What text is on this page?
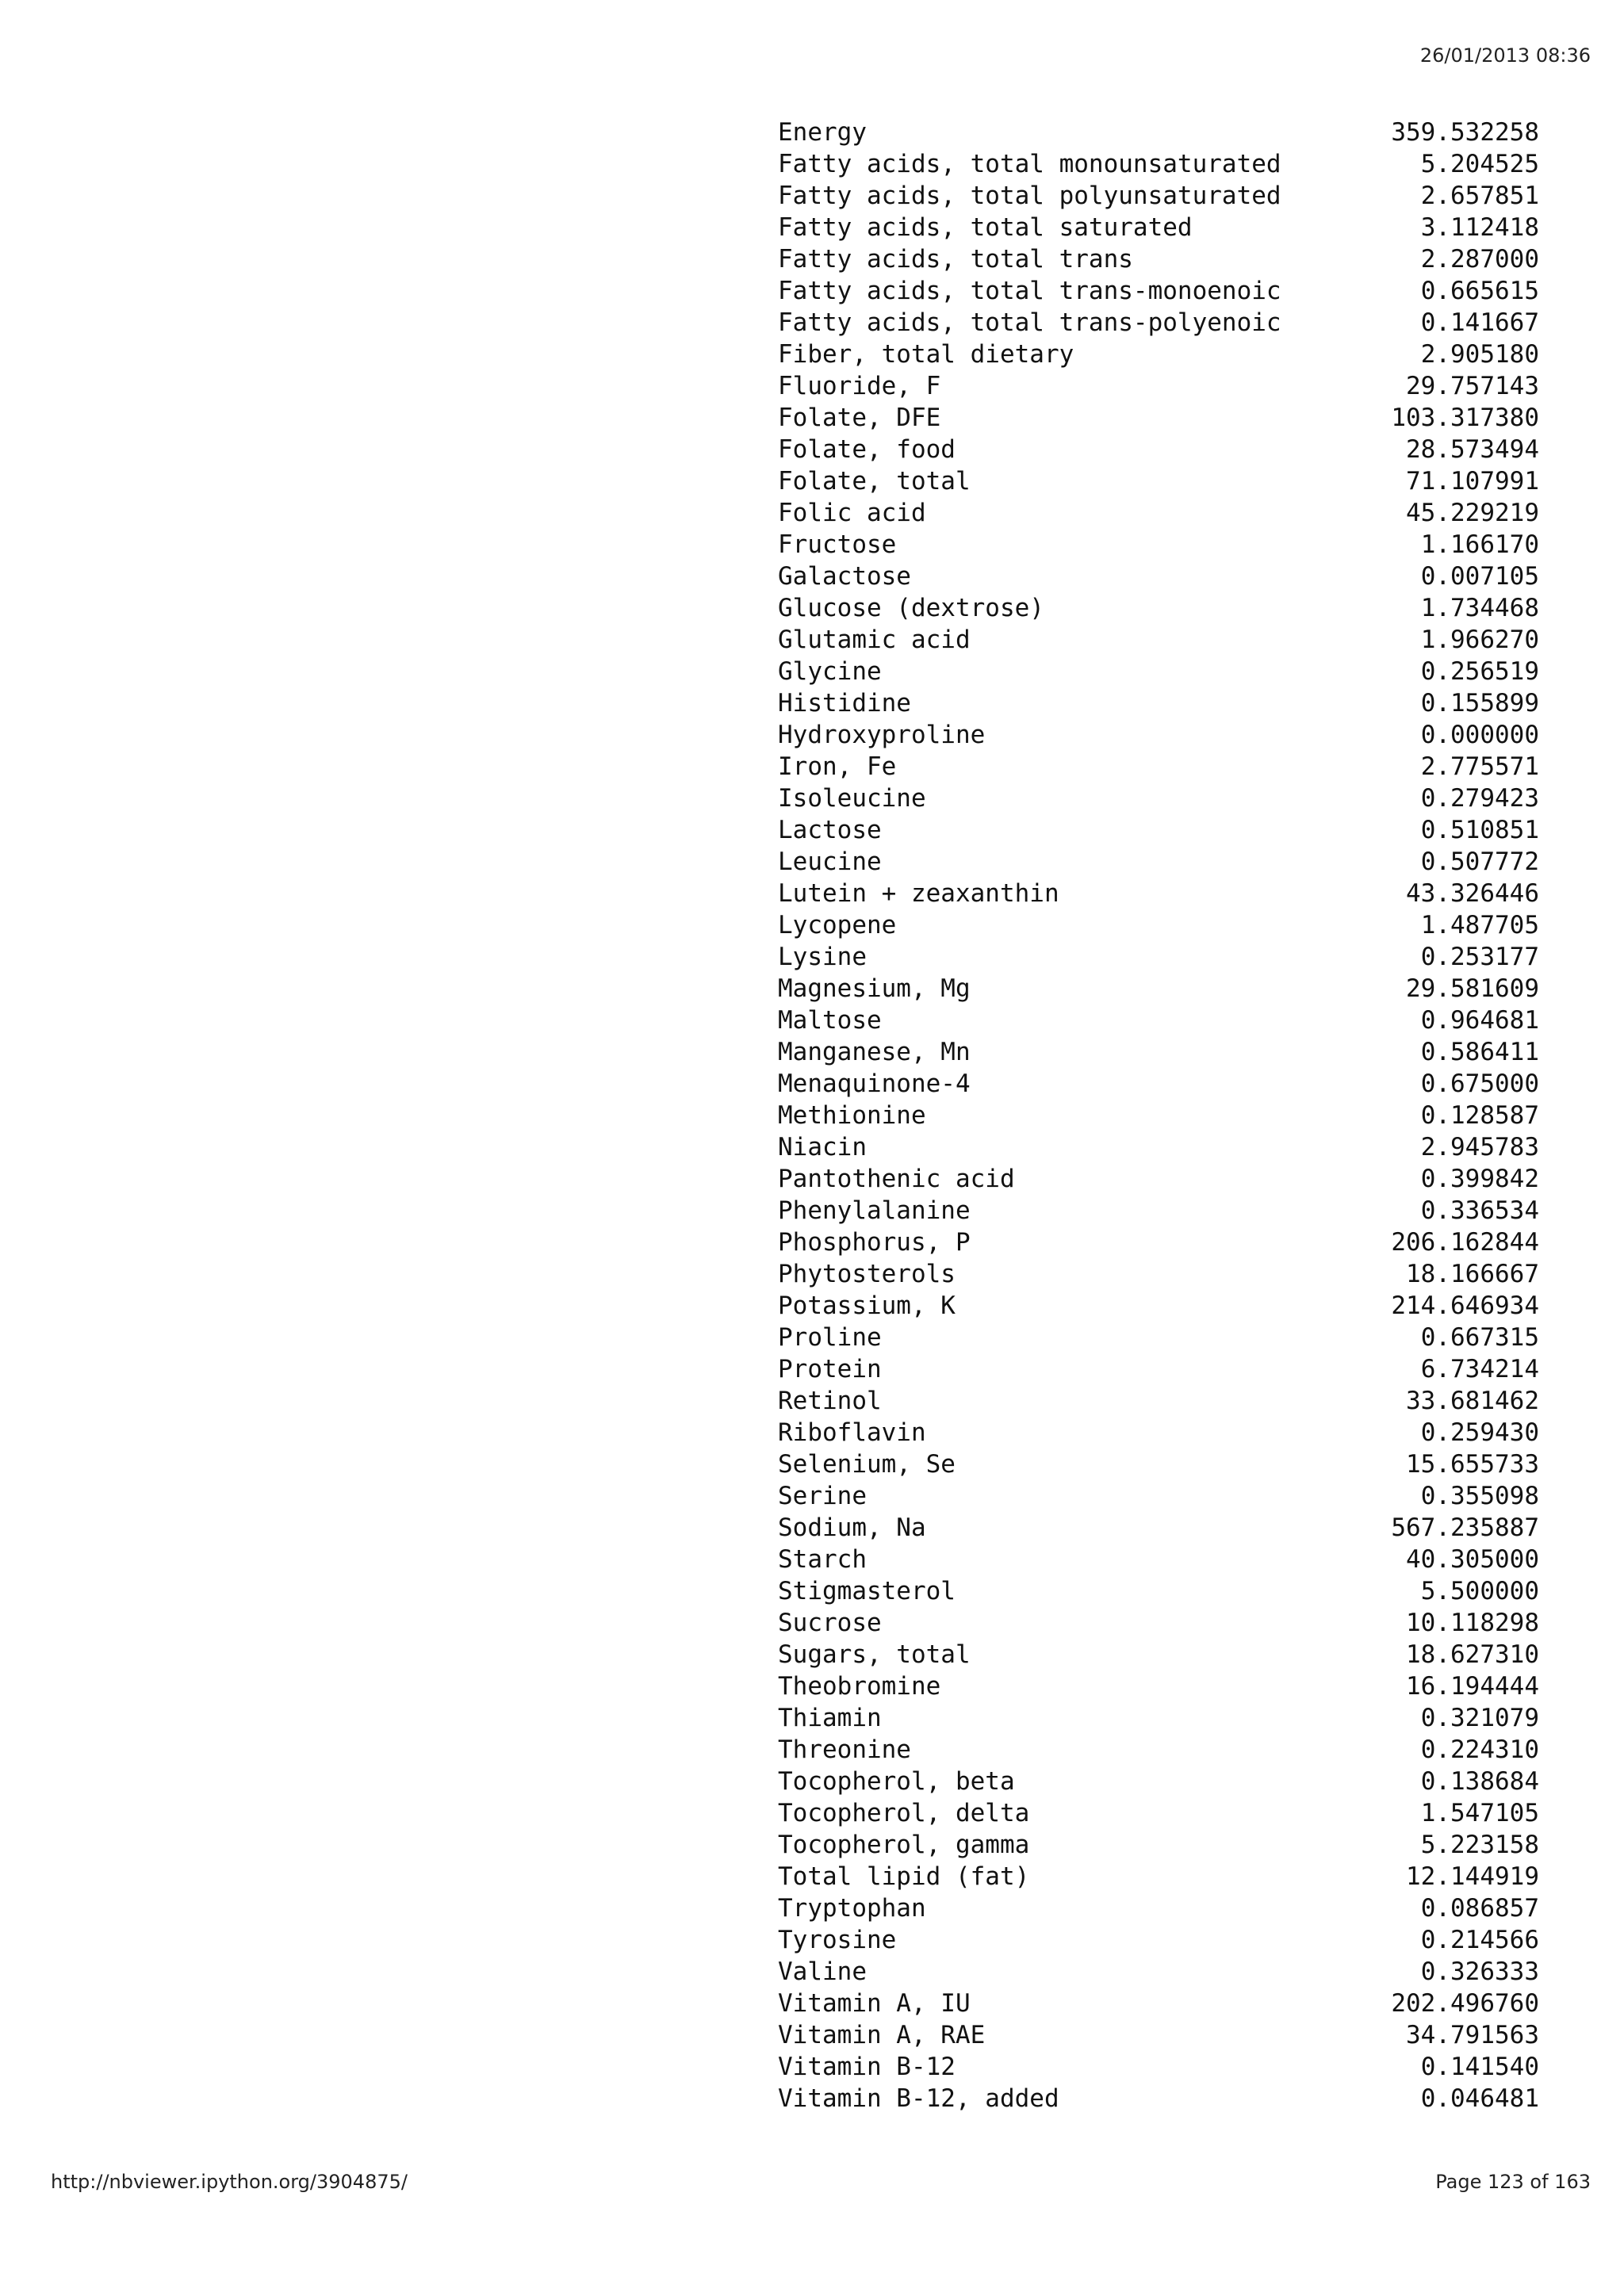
26/01/2013 08:36
Energy	359.532258
Fatty acids, total monounsaturated	5.204525
Fatty acids, total polyunsaturated	2.657851
Fatty acids, total saturated	3.112418
Fatty acids, total trans	2.287000
Fatty acids, total trans-monoenoic	0.665615
Fatty acids, total trans-polyenoic	0.141667
Fiber, total dietary	2.905180
Fluoride, F	29.757143
Folate, DFE	103.317380
Folate, food	28.573494
Folate, total	71.107991
Folic acid	45.229219
Fructose	1.166170
Galactose	0.007105
Glucose (dextrose)	1.734468
Glutamic acid	1.966270
Glycine	0.256519
Histidine	0.155899
Hydroxyproline	0.000000
Iron, Fe	2.775571
Isoleucine	0.279423
Lactose	0.510851
Leucine	0.507772
Lutein + zeaxanthin	43.326446
Lycopene	1.487705
Lysine	0.253177
Magnesium, Mg	29.581609
Maltose	0.964681
Manganese, Mn	0.586411
Menaquinone-4	0.675000
Methionine	0.128587
Niacin	2.945783
Pantothenic acid	0.399842
Phenylalanine	0.336534
Phosphorus, P	206.162844
Phytosterols	18.166667
Potassium, K	214.646934
Proline	0.667315
Protein	6.734214
Retinol	33.681462
Riboflavin	0.259430
Selenium, Se	15.655733
Serine	0.355098
Sodium, Na	567.235887
Starch	40.305000
Stigmasterol	5.500000
Sucrose	10.118298
Sugars, total	18.627310
Theobromine	16.194444
Thiamin	0.321079
Threonine	0.224310
Tocopherol, beta	0.138684
Tocopherol, delta	1.547105
Tocopherol, gamma	5.223158
Total lipid (fat)	12.144919
Tryptophan	0.086857
Tyrosine	0.214566
Valine	0.326333
Vitamin A, IU	202.496760
Vitamin A, RAE	34.791563
Vitamin B-12	0.141540
Vitamin B-12, added	0.046481
http://nbviewer.ipython.org/3904875/	Page 123 of 163
